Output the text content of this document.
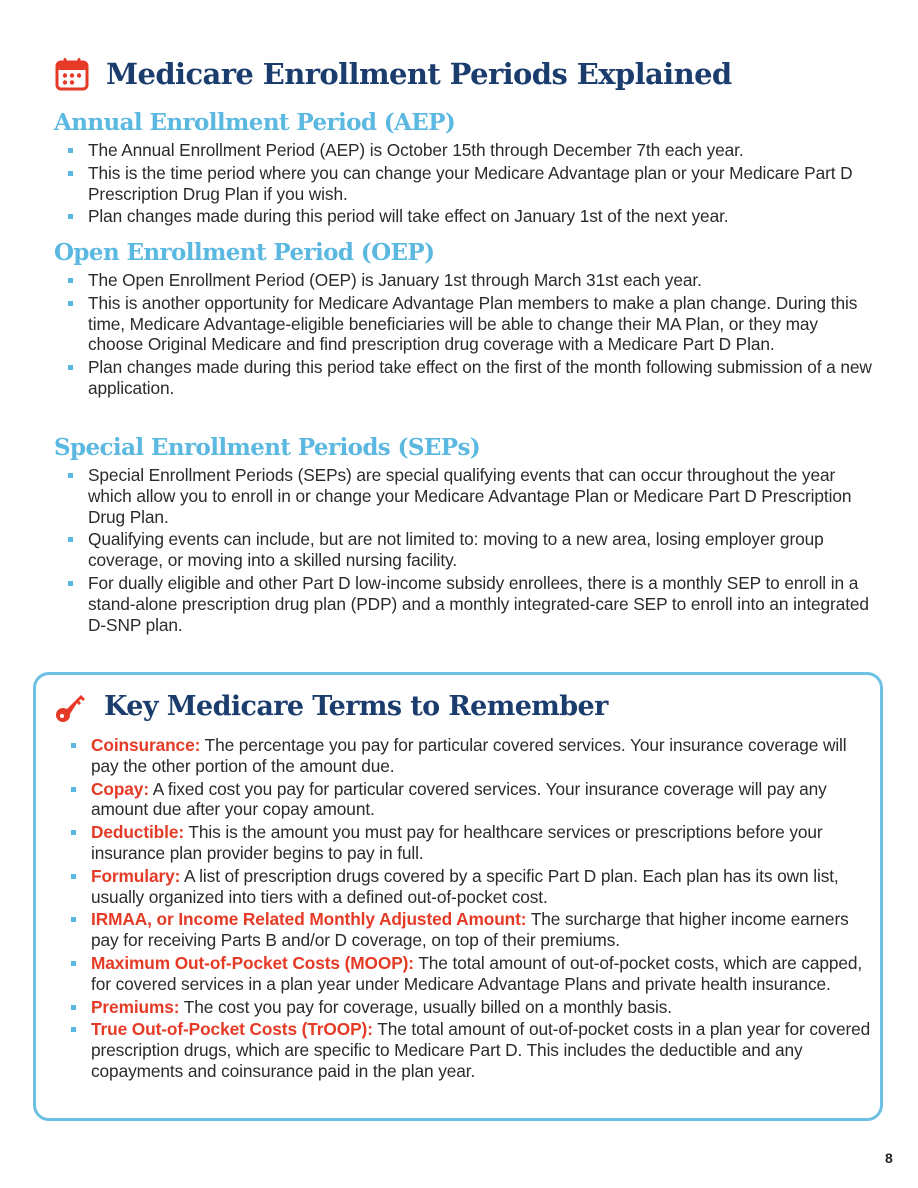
Medicare Enrollment Periods Explained
Annual Enrollment Period (AEP)
The Annual Enrollment Period (AEP) is October 15th through December 7th each year.
This is the time period where you can change your Medicare Advantage plan or your Medicare Part D Prescription Drug Plan if you wish.
Plan changes made during this period will take effect on January 1st of the next year.
Open Enrollment Period (OEP)
The Open Enrollment Period (OEP) is January 1st through March 31st each year.
This is another opportunity for Medicare Advantage Plan members to make a plan change. During this time, Medicare Advantage-eligible beneficiaries will be able to change their MA Plan, or they may choose Original Medicare and find prescription drug coverage with a Medicare Part D Plan.
Plan changes made during this period take effect on the first of the month following submission of a new application.
Special Enrollment Periods (SEPs)
Special Enrollment Periods (SEPs) are special qualifying events that can occur throughout the year which allow you to enroll in or change your Medicare Advantage Plan or Medicare Part D Prescription Drug Plan.
Qualifying events can include, but are not limited to: moving to a new area, losing employer group coverage, or moving into a skilled nursing facility.
For dually eligible and other Part D low-income subsidy enrollees, there is a monthly SEP to enroll in a stand-alone prescription drug plan (PDP) and a monthly integrated-care SEP to enroll into an integrated D-SNP plan.
Key Medicare Terms to Remember
Coinsurance: The percentage you pay for particular covered services. Your insurance coverage will pay the other portion of the amount due.
Copay: A fixed cost you pay for particular covered services. Your insurance coverage will pay any amount due after your copay amount.
Deductible: This is the amount you must pay for healthcare services or prescriptions before your insurance plan provider begins to pay in full.
Formulary: A list of prescription drugs covered by a specific Part D plan. Each plan has its own list, usually organized into tiers with a defined out-of-pocket cost.
IRMAA, or Income Related Monthly Adjusted Amount: The surcharge that higher income earners pay for receiving Parts B and/or D coverage, on top of their premiums.
Maximum Out-of-Pocket Costs (MOOP): The total amount of out-of-pocket costs, which are capped, for covered services in a plan year under Medicare Advantage Plans and private health insurance.
Premiums: The cost you pay for coverage, usually billed on a monthly basis.
True Out-of-Pocket Costs (TrOOP): The total amount of out-of-pocket costs in a plan year for covered prescription drugs, which are specific to Medicare Part D. This includes the deductible and any copayments and coinsurance paid in the plan year.
8
